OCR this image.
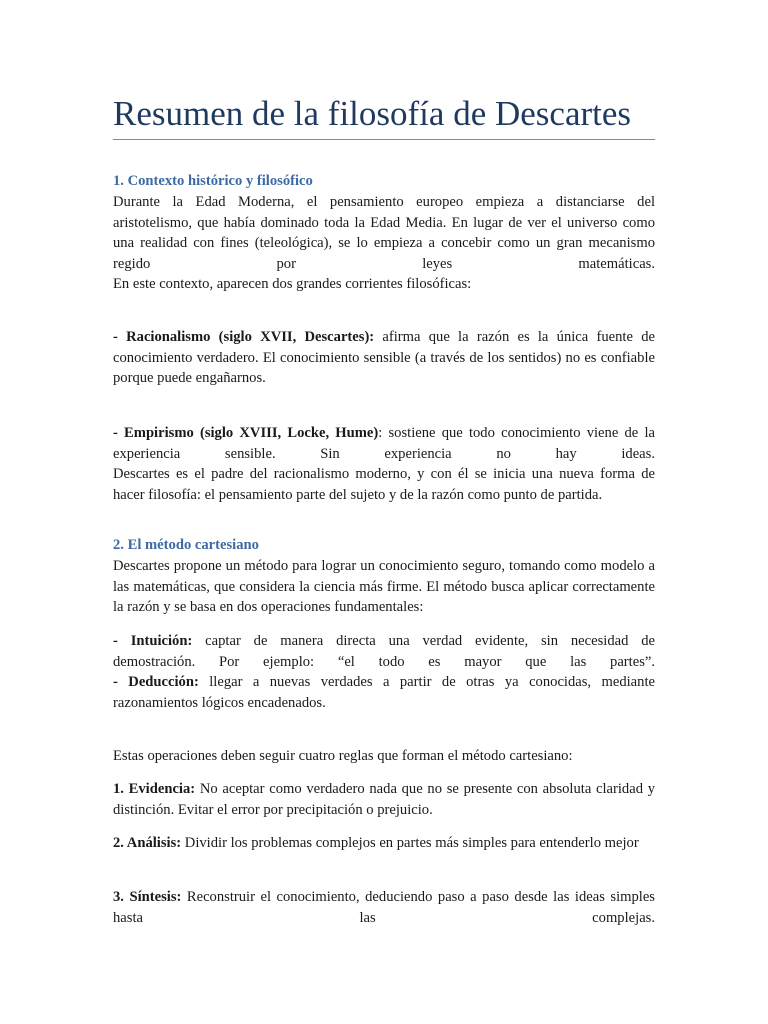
Resumen de la filosofía de Descartes
1. Contexto histórico y filosófico
Durante la Edad Moderna, el pensamiento europeo empieza a distanciarse del
aristotelismo, que había dominado toda la Edad Media. En lugar de ver el universo como
una realidad con fines (teleológica), se lo empieza a concebir como un gran mecanismo
regido por leyes matemáticas.
En este contexto, aparecen dos grandes corrientes filosóficas:
- Racionalismo (siglo XVII, Descartes): afirma que la razón es la única fuente de conocimiento verdadero. El conocimiento sensible (a través de los sentidos) no es confiable porque puede engañarnos.
- Empirismo (siglo XVIII, Locke, Hume): sostiene que todo conocimiento viene de la
experiencia sensible. Sin experiencia no hay ideas.
Descartes es el padre del racionalismo moderno, y con él se inicia una nueva forma de
hacer filosofía: el pensamiento parte del sujeto y de la razón como punto de partida.
2. El método cartesiano
Descartes propone un método para lograr un conocimiento seguro, tomando como modelo a las matemáticas, que considera la ciencia más firme. El método busca aplicar correctamente la razón y se basa en dos operaciones fundamentales:
- Intuición: captar de manera directa una verdad evidente, sin necesidad de
demostración. Por ejemplo: “el todo es mayor que las partes”.
- Deducción: llegar a nuevas verdades a partir de otras ya conocidas, mediante
razonamientos lógicos encadenados.
Estas operaciones deben seguir cuatro reglas que forman el método cartesiano:
1. Evidencia: No aceptar como verdadero nada que no se presente con absoluta claridad y distinción. Evitar el error por precipitación o prejuicio.
2. Análisis: Dividir los problemas complejos en partes más simples para entenderlo mejor
3. Síntesis: Reconstruir el conocimiento, deduciendo paso a paso desde las ideas simples
hasta las complejas.
